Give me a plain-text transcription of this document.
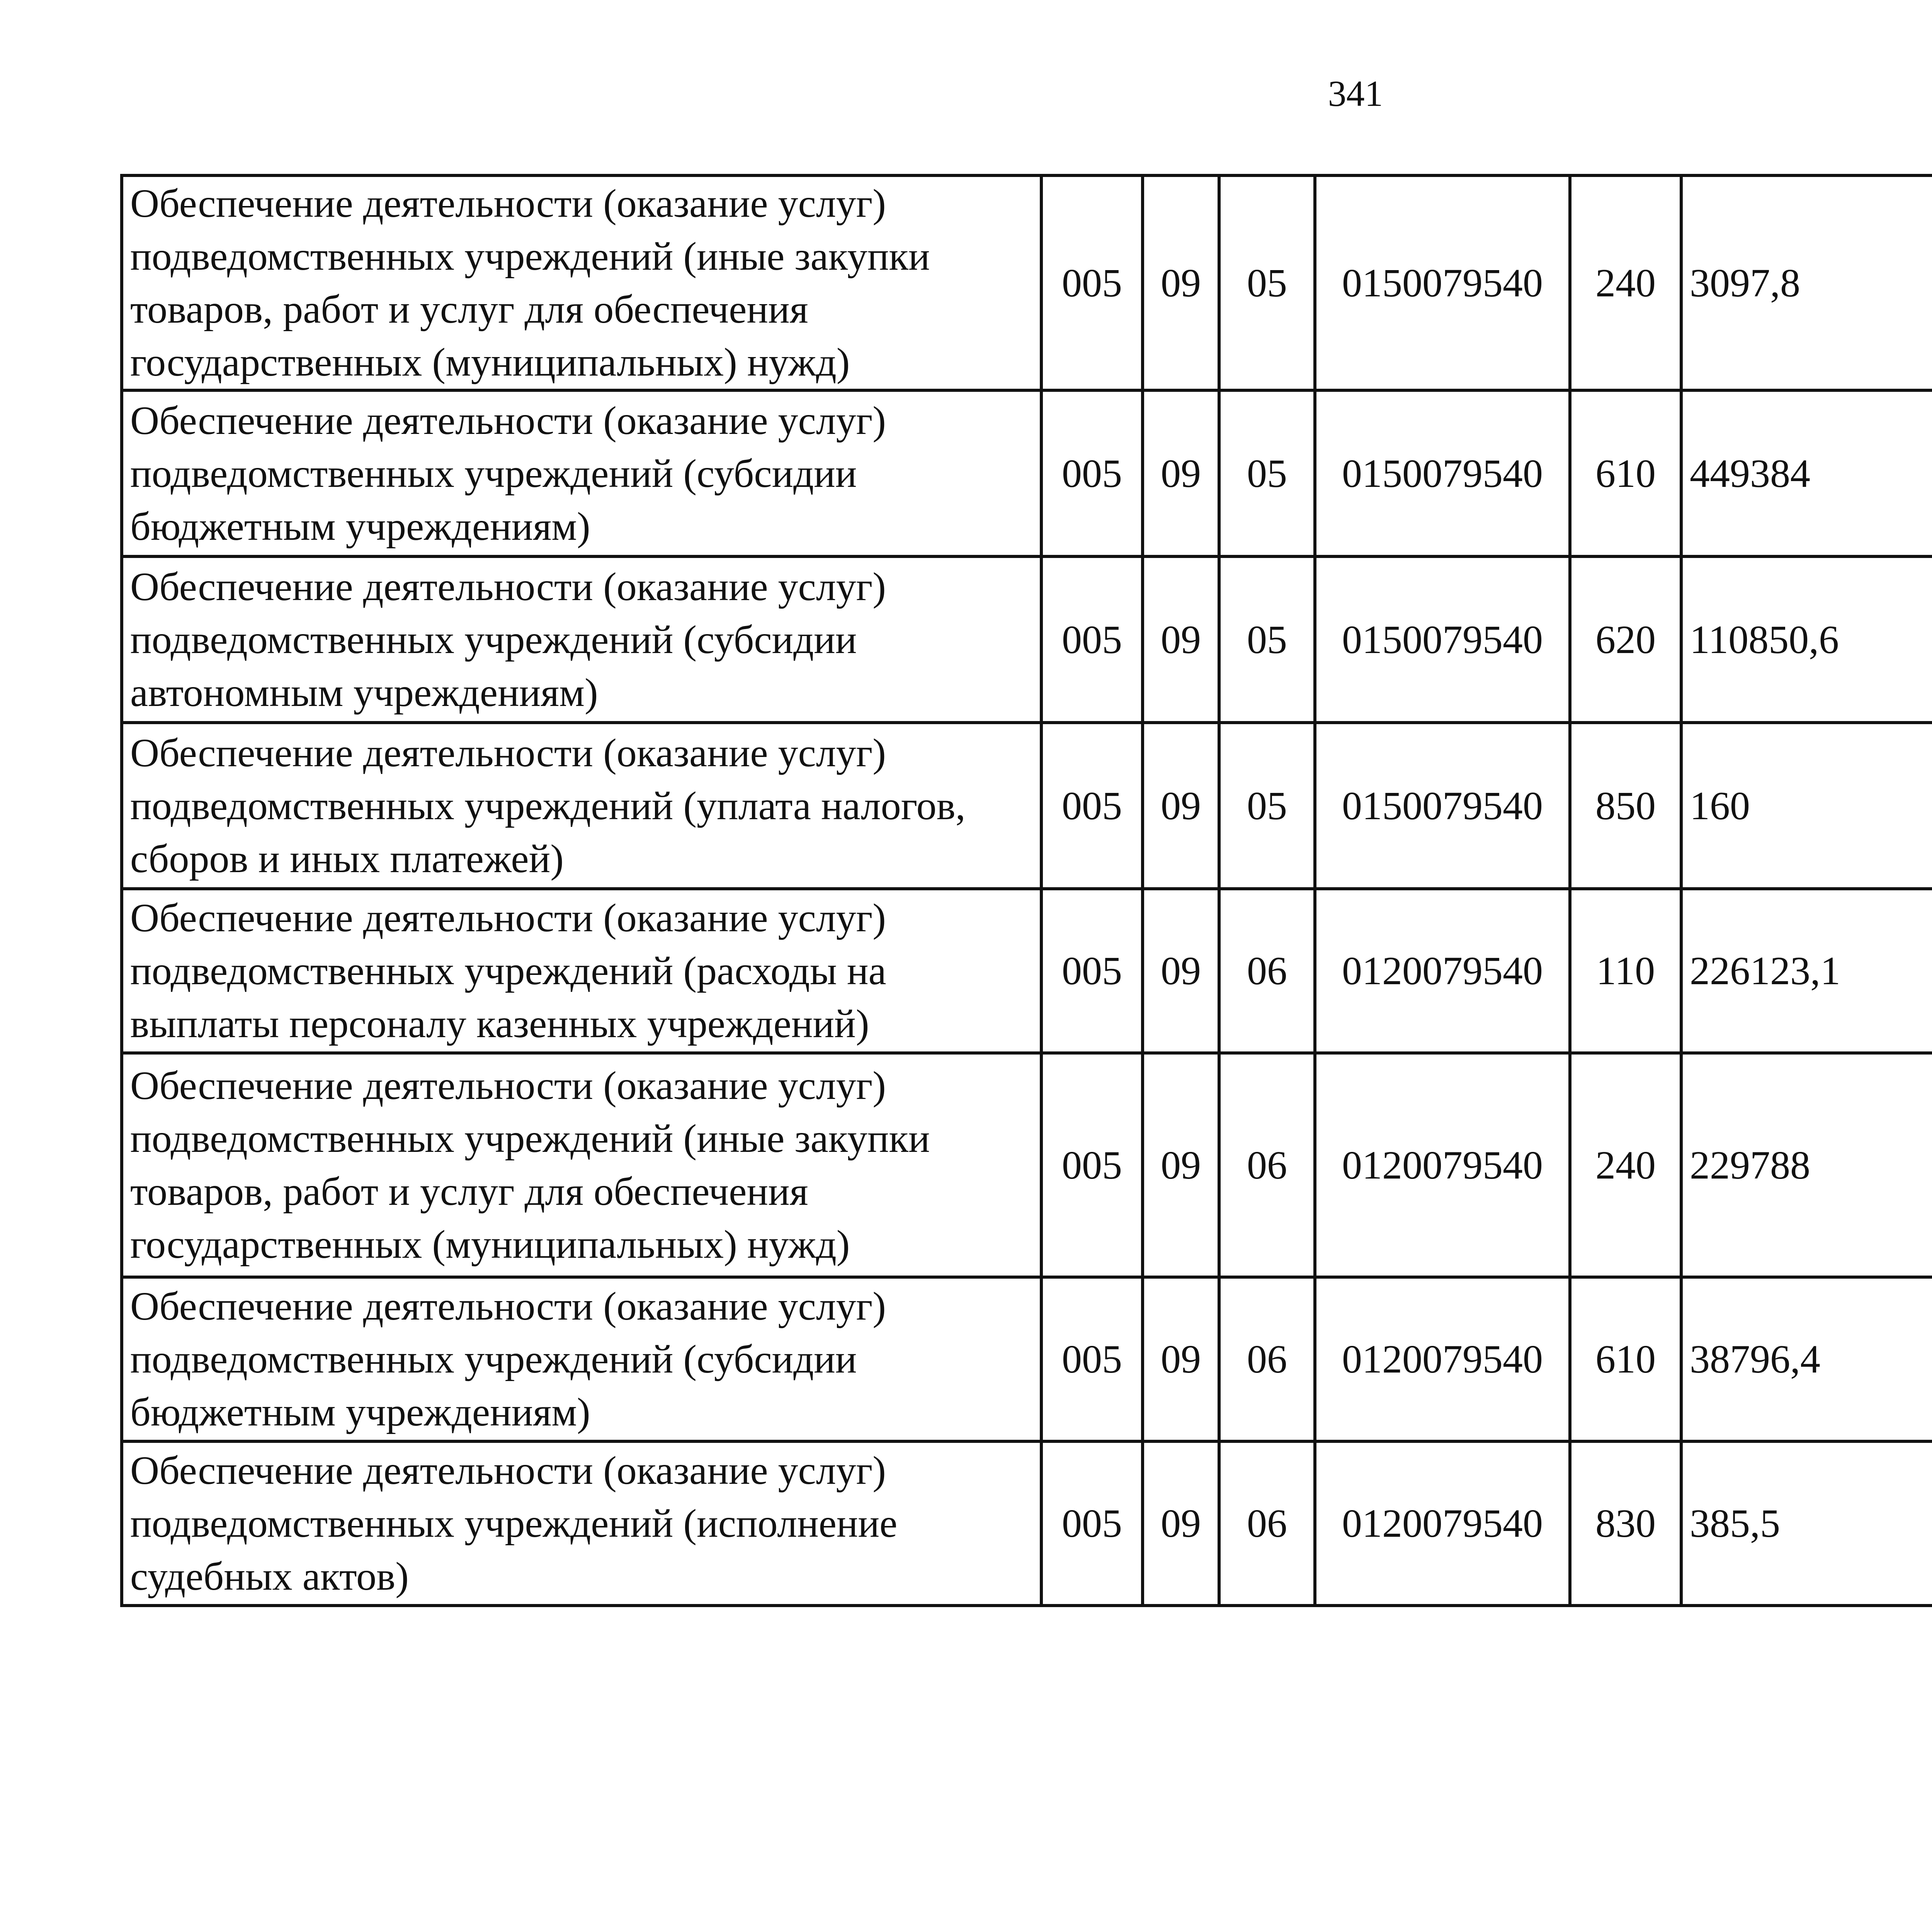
341
Обеспечение деятельности (оказание услуг) подведомственных учреждений (иные закупки товаров, работ и услуг для обеспечения государственных (муниципальных) нужд)	005	09	05	0150079540	240	3097,8		
Обеспечение деятельности (оказание услуг) подведомственных учреждений (субсидии бюджетным учреждениям)	005	09	05	0150079540	610	449384		
Обеспечение деятельности (оказание услуг) подведомственных учреждений (субсидии автономным учреждениям)	005	09	05	0150079540	620	110850,6		
Обеспечение деятельности (оказание услуг) подведомственных учреждений (уплата налогов, сборов и иных платежей)	005	09	05	0150079540	850	160		
Обеспечение деятельности (оказание услуг) подведомственных учреждений (расходы на выплаты персоналу казенных учреждений)	005	09	06	0120079540	110	226123,1		
Обеспечение деятельности (оказание услуг) подведомственных учреждений (иные закупки товаров, работ и услуг для обеспечения государственных (муниципальных) нужд)	005	09	06	0120079540	240	229788		
Обеспечение деятельности (оказание услуг) подведомственных учреждений (субсидии бюджетным учреждениям)	005	09	06	0120079540	610	38796,4		
Обеспечение деятельности (оказание услуг) подведомственных учреждений (исполнение судебных актов)	005	09	06	0120079540	830	385,5		
